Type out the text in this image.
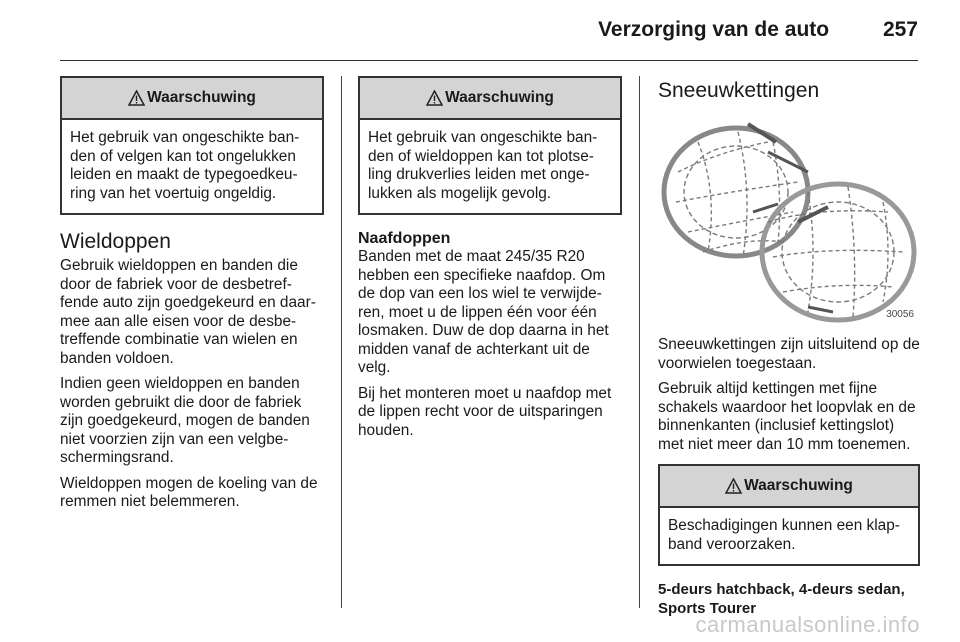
Verzorging van de auto	257
Waarschuwing
Het gebruik van ongeschikte ban-den of velgen kan tot ongelukken leiden en maakt de typegoedkeu-ring van het voertuig ongeldig.
Wieldoppen

Gebruik wieldoppen en banden die door de fabriek voor de desbetref-fende auto zijn goedgekeurd en daar-mee aan alle eisen voor de desbe-treffende combinatie van wielen en banden voldoen.

Indien geen wieldoppen en banden worden gebruikt die door de fabriek zijn goedgekeurd, mogen de banden niet voorzien zijn van een velgbe-schermingsrand.

Wieldoppen mogen de koeling van de remmen niet belemmeren.

Waarschuwing
Het gebruik van ongeschikte ban-den of wieldoppen kan tot plotse-ling drukverlies leiden met onge-lukken als mogelijk gevolg.
Naafdoppen

Banden met de maat 245/35 R20 hebben een specifieke naafdop. Om de dop van een los wiel te verwijde-ren, moet u de lippen één voor één losmaken. Duw de dop daarna in het midden vanaf de achterkant uit de velg.

Bij het monteren moet u naafdop met de lippen recht voor de uitsparingen houden.

Sneeuwkettingen
30056

Sneeuwkettingen zijn uitsluitend op de voorwielen toegestaan.

Gebruik altijd kettingen met fijne schakels waardoor het loopvlak en de binnenkanten (inclusief kettingslot) met niet meer dan 10 mm toenemen.

Waarschuwing
Beschadigingen kunnen een klap-band veroorzaken.
5-deurs hatchback, 4-deurs sedan, Sports Tourer
carmanualsonline.info
